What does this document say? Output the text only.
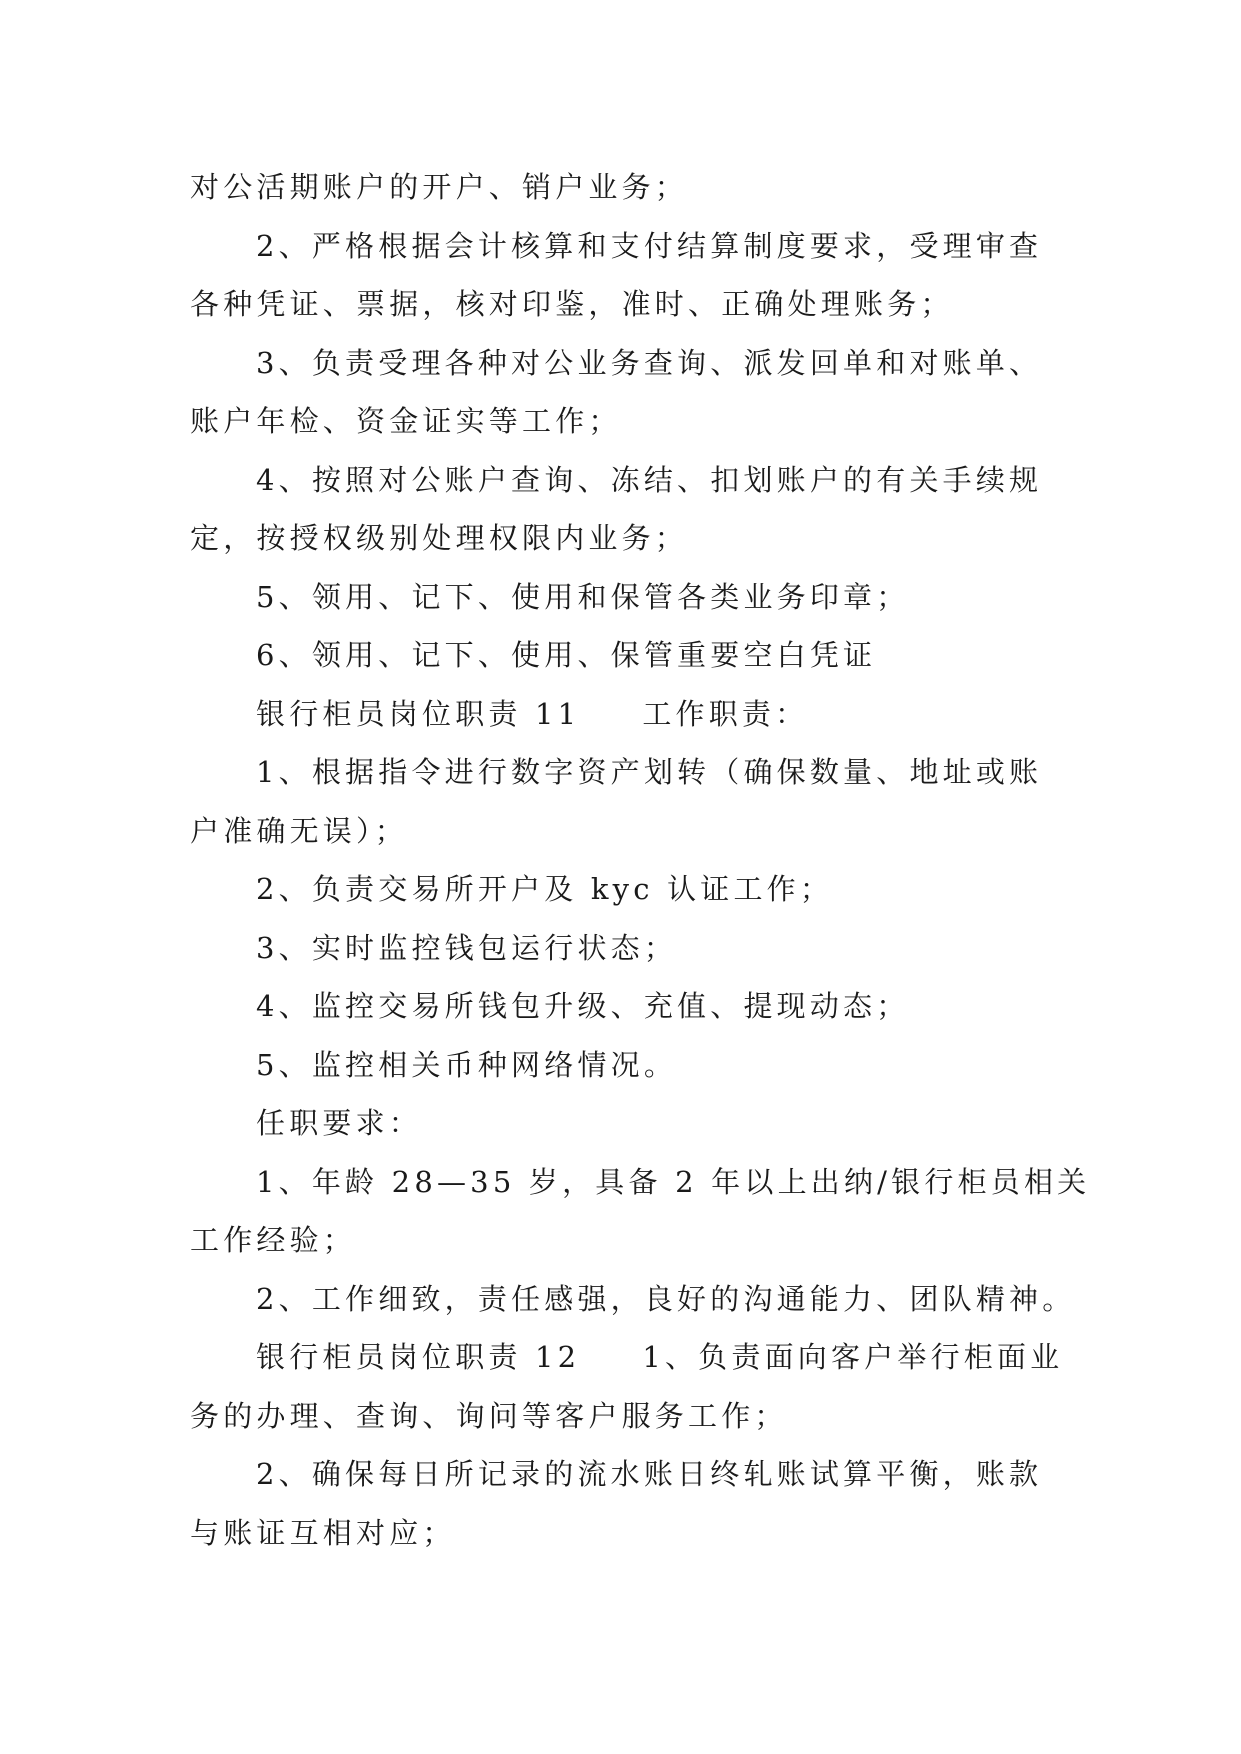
对公活期账户的开户、销户业务；
2、严格根据会计核算和支付结算制度要求，受理审查
各种凭证、票据，核对印鉴，准时、正确处理账务；
3、负责受理各种对公业务查询、派发回单和对账单、
账户年检、资金证实等工作；
4、按照对公账户查询、冻结、扣划账户的有关手续规
定，按授权级别处理权限内业务；
5、领用、记下、使用和保管各类业务印章；
6、领用、记下、使用、保管重要空白凭证
银行柜员岗位职责 11 工作职责：
1、根据指令进行数字资产划转（确保数量、地址或账
户准确无误）；
2、负责交易所开户及 kyc 认证工作；
3、实时监控钱包运行状态；
4、监控交易所钱包升级、充值、提现动态；
5、监控相关币种网络情况。
任职要求：
1、年龄 28—35 岁，具备 2 年以上出纳/银行柜员相关
工作经验；
2、工作细致，责任感强，良好的沟通能力、团队精神。
银行柜员岗位职责 12 1、负责面向客户举行柜面业
务的办理、查询、询问等客户服务工作；
2、确保每日所记录的流水账日终轧账试算平衡，账款
与账证互相对应；
